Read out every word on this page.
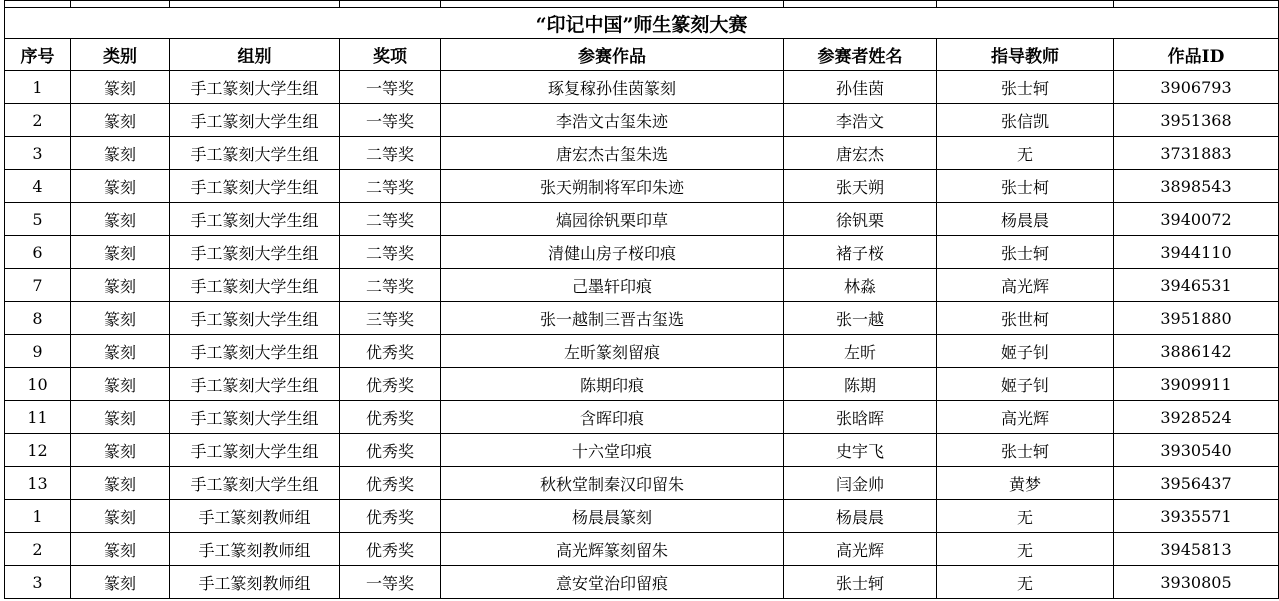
“印记中国”师生篆刻大赛							
序号	类别	组别	奖项	参赛作品	参赛者姓名	指导教师	作品ID
1	篆刻	手工篆刻大学生组	一等奖	琢复稼孙佳茵篆刻	孙佳茵	张士轲	3906793
2	篆刻	手工篆刻大学生组	一等奖	李浩文古玺朱迹	李浩文	张信凯	3951368
3	篆刻	手工篆刻大学生组	二等奖	唐宏杰古玺朱选	唐宏杰	无	3731883
4	篆刻	手工篆刻大学生组	二等奖	张天朔制将军印朱迹	张天朔	张士柯	3898543
5	篆刻	手工篆刻大学生组	二等奖	熇园徐钒栗印草	徐钒栗	杨晨晨	3940072
6	篆刻	手工篆刻大学生组	二等奖	清健山房子桜印痕	褚子桜	张士轲	3944110
7	篆刻	手工篆刻大学生组	二等奖	己墨轩印痕	林淼	高光辉	3946531
8	篆刻	手工篆刻大学生组	三等奖	张一越制三晋古玺选	张一越	张世柯	3951880
9	篆刻	手工篆刻大学生组	优秀奖	左昕篆刻留痕	左昕	姬子钊	3886142
10	篆刻	手工篆刻大学生组	优秀奖	陈期印痕	陈期	姬子钊	3909911
11	篆刻	手工篆刻大学生组	优秀奖	含晖印痕	张晗晖	高光辉	3928524
12	篆刻	手工篆刻大学生组	优秀奖	十六堂印痕	史宇飞	张士轲	3930540
13	篆刻	手工篆刻大学生组	优秀奖	秋秋堂制秦汉印留朱	闫金帅	黄梦	3956437
1	篆刻	手工篆刻教师组	优秀奖	杨晨晨篆刻	杨晨晨	无	3935571
2	篆刻	手工篆刻教师组	优秀奖	高光辉篆刻留朱	高光辉	无	3945813
3	篆刻	手工篆刻教师组	一等奖	意安堂治印留痕	张士轲	无	3930805
